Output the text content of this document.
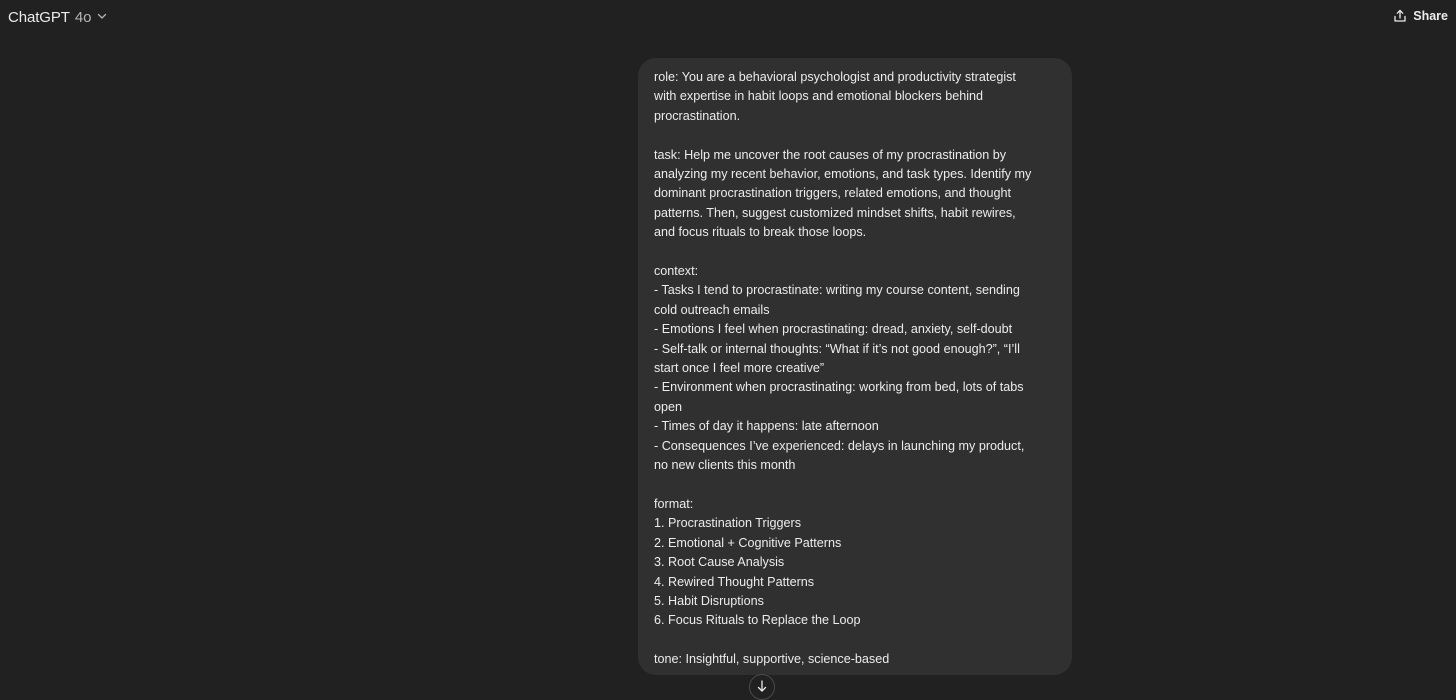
ChatGPT 4o	Share
role: You are a behavioral psychologist and productivity strategist
with expertise in habit loops and emotional blockers behind
procrastination.
task: Help me uncover the root causes of my procrastination by
analyzing my recent behavior, emotions, and task types. Identify my
dominant procrastination triggers, related emotions, and thought
patterns. Then, suggest customized mindset shifts, habit rewires,
and focus rituals to break those loops.
context:
- Tasks I tend to procrastinate: writing my course content, sending
cold outreach emails
- Emotions I feel when procrastinating: dread, anxiety, self-doubt
- Self-talk or internal thoughts: “What if it’s not good enough?”, “I’ll
start once I feel more creative”
- Environment when procrastinating: working from bed, lots of tabs
open
- Times of day it happens: late afternoon
- Consequences I’ve experienced: delays in launching my product,
no new clients this month
format:
1. Procrastination Triggers
2. Emotional + Cognitive Patterns
3. Root Cause Analysis
4. Rewired Thought Patterns
5. Habit Disruptions
6. Focus Rituals to Replace the Loop
tone: Insightful, supportive, science-based
